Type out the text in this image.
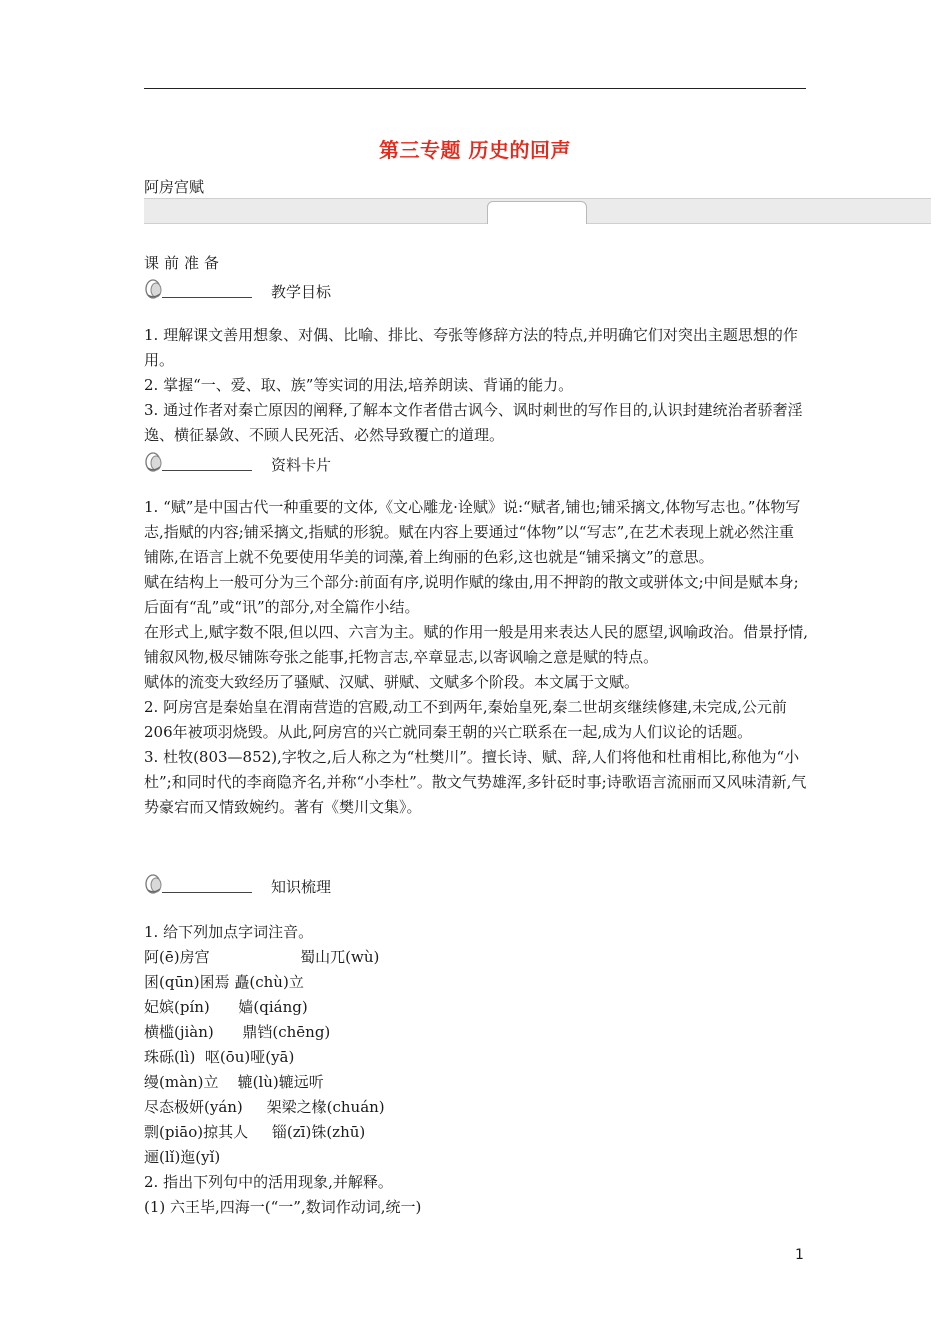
第三专题 历史的回声
阿房宫赋
课前准备
教学目标

1. 理解课文善用想象、对偶、比喻、排比、夸张等修辞方法的特点,并明确它们对突出主题思想的作用。

2. 掌握“一、爱、取、族”等实词的用法,培养朗读、背诵的能力。

3. 通过作者对秦亡原因的阐释,了解本文作者借古讽今、讽时刺世的写作目的,认识封建统治者骄奢淫逸、横征暴敛、不顾人民死活、必然导致覆亡的道理。

资料卡片

1. “赋”是中国古代一种重要的文体,《文心雕龙·诠赋》说:“赋者,铺也;铺采摛文,体物写志也。”体物写志,指赋的内容;铺采摛文,指赋的形貌。赋在内容上要通过“体物”以“写志”,在艺术表现上就必然注重铺陈,在语言上就不免要使用华美的词藻,着上绚丽的色彩,这也就是“铺采摛文”的意思。

赋在结构上一般可分为三个部分:前面有序,说明作赋的缘由,用不押韵的散文或骈体文;中间是赋本身;后面有“乱”或“讯”的部分,对全篇作小结。

在形式上,赋字数不限,但以四、六言为主。赋的作用一般是用来表达人民的愿望,讽喻政治。借景抒情,铺叙风物,极尽铺陈夸张之能事,托物言志,卒章显志,以寄讽喻之意是赋的特点。

赋体的流变大致经历了骚赋、汉赋、骈赋、文赋多个阶段。本文属于文赋。

2. 阿房宫是秦始皇在渭南营造的宫殿,动工不到两年,秦始皇死,秦二世胡亥继续修建,未完成,公元前206年被项羽烧毁。从此,阿房宫的兴亡就同秦王朝的兴亡联系在一起,成为人们议论的话题。

3. 杜牧(803—852),字牧之,后人称之为“杜樊川”。擅长诗、赋、辞,人们将他和杜甫相比,称他为“小杜”;和同时代的李商隐齐名,并称“小李杜”。散文气势雄浑,多针砭时事;诗歌语言流丽而又风味清新,气势豪宕而又情致婉约。著有《樊川文集》。

知识梳理

1. 给下列加点字词注音。

阿(ē)房宫                   蜀山兀(wù)

囷(qūn)囷焉 矗(chù)立

妃嫔(pín)      嫱(qiáng)

横槛(jiàn)      鼎铛(chēng)

珠砾(lì)  呕(ōu)哑(yā)

缦(màn)立    辘(lù)辘远听

尽态极妍(yán)     架梁之椽(chuán)

剽(piāo)掠其人     锱(zī)铢(zhū)

逦(lǐ)迤(yǐ)

2. 指出下列句中的活用现象,并解释。

(1) 六王毕,四海一(“一”,数词作动词,统一)

1
